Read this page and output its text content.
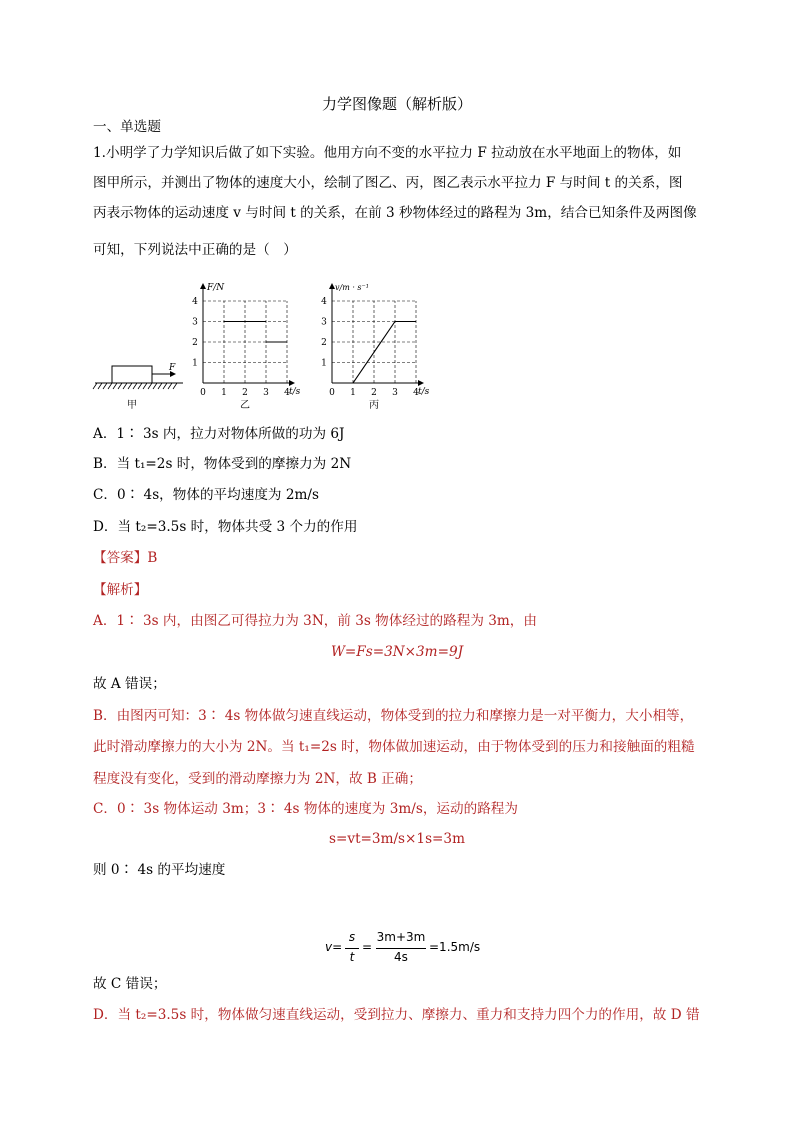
力学图像题（解析版）
一、单选题
1.小明学了力学知识后做了如下实验。他用方向不变的水平拉力 F 拉动放在水平地面上的物体，如
图甲所示，并测出了物体的速度大小，绘制了图乙、丙，图乙表示水平拉力 F 与时间 t 的关系，图
丙表示物体的运动速度 v 与时间 t 的关系，在前 3 秒物体经过的路程为 3m，结合已知条件及两图像
可知，下列说法中正确的是（　）
F
甲
F/N
t/s
0 1 2 3 4
1
2
3
4
乙
v/m · s⁻¹
t/s
0 1 2 3 4
1
2
3
4
丙
A．1∶ 3s 内，拉力对物体所做的功为 6J
B．当 t₁=2s 时，物体受到的摩擦力为 2N
C．0∶ 4s，物体的平均速度为 2m/s
D．当 t₂=3.5s 时，物体共受 3 个力的作用
【答案】B
【解析】
A．1∶ 3s 内，由图乙可得拉力为 3N，前 3s 物体经过的路程为 3m，由
W=Fs=3N×3m=9J
故 A 错误；
B．由图丙可知：3∶ 4s 物体做匀速直线运动，物体受到的拉力和摩擦力是一对平衡力，大小相等，
此时滑动摩擦力的大小为 2N。当 t₁=2s 时，物体做加速运动，由于物体受到的压力和接触面的粗糙
程度没有变化，受到的滑动摩擦力为 2N，故 B 正确；
C．0∶ 3s 物体运动 3m；3∶ 4s 物体的速度为 3m/s，运动的路程为
s=vt=3m/s×1s=3m
则 0∶ 4s 的平均速度
v=
s
t
=
3m+3m
4s
=1.5m/s
故 C 错误；
D．当 t₂=3.5s 时，物体做匀速直线运动，受到拉力、摩擦力、重力和支持力四个力的作用，故 D 错
